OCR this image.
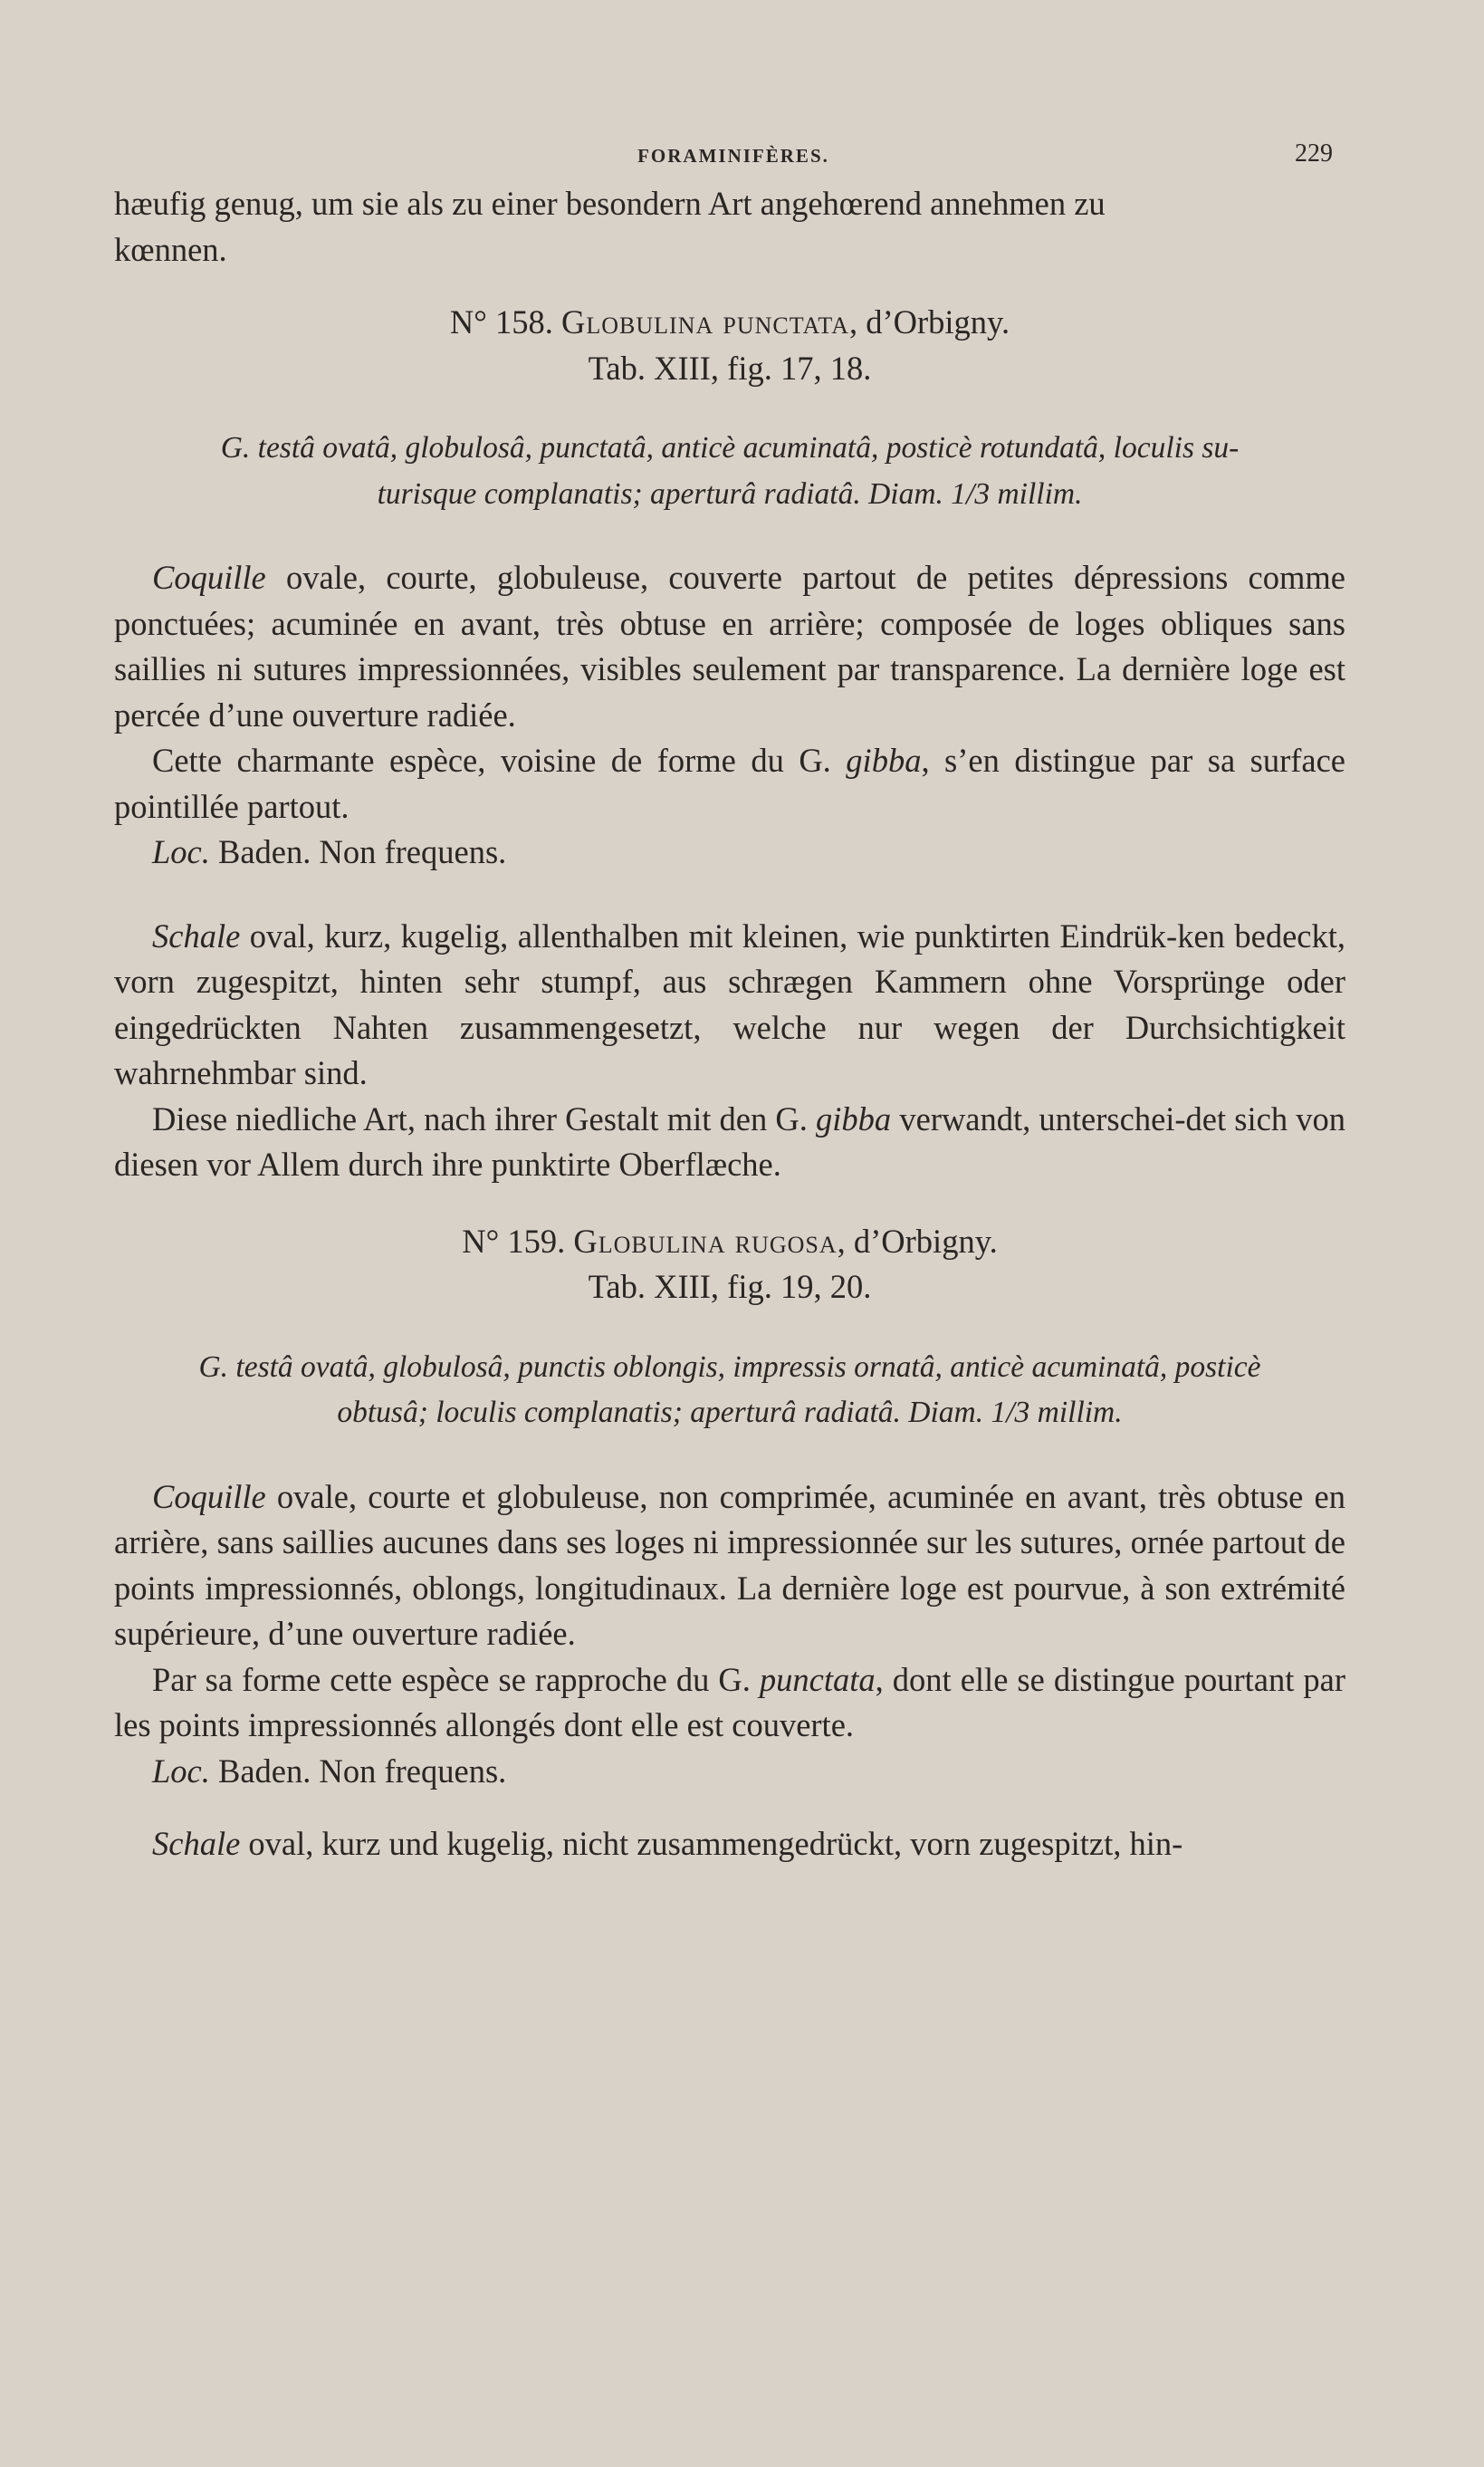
FORAMINIFÈRES.	229

hæufig genug, um sie als zu einer besondern Art angehœrend annehmen zu
kœnnen.

N° 158. Globulina punctata, d’Orbigny.

Tab. XIII, fig. 17, 18.

G. testâ ovatâ, globulosâ, punctatâ, anticè acuminatâ, posticè rotundatâ, loculis su-
turisque complanatis; aperturâ radiatâ. Diam. 1/3 millim.

Coquille ovale, courte, globuleuse, couverte partout de petites dépressions comme ponctuées; acuminée en avant, très obtuse en arrière; composée de loges obliques sans saillies ni sutures impressionnées, visibles seulement par transparence. La dernière loge est percée d’une ouverture radiée.

Cette charmante espèce, voisine de forme du G. gibba, s’en distingue par sa surface pointillée partout.

Loc. Baden. Non frequens.

Schale oval, kurz, kugelig, allenthalben mit kleinen, wie punktirten Eindrük-ken bedeckt, vorn zugespitzt, hinten sehr stumpf, aus schrægen Kammern ohne Vorsprünge oder eingedrückten Nahten zusammengesetzt, welche nur wegen der Durchsichtigkeit wahrnehmbar sind.

Diese niedliche Art, nach ihrer Gestalt mit den G. gibba verwandt, unterschei-det sich von diesen vor Allem durch ihre punktirte Oberflæche.

N° 159. Globulina rugosa, d’Orbigny.

Tab. XIII, fig. 19, 20.

G. testâ ovatâ, globulosâ, punctis oblongis, impressis ornatâ, anticè acuminatâ, posticè
obtusâ; loculis complanatis; aperturâ radiatâ. Diam. 1/3 millim.

Coquille ovale, courte et globuleuse, non comprimée, acuminée en avant, très obtuse en arrière, sans saillies aucunes dans ses loges ni impressionnée sur les sutures, ornée partout de points impressionnés, oblongs, longitudinaux. La dernière loge est pourvue, à son extrémité supérieure, d’une ouverture radiée.

Par sa forme cette espèce se rapproche du G. punctata, dont elle se distingue pourtant par les points impressionnés allongés dont elle est couverte.

Loc. Baden. Non frequens.

Schale oval, kurz und kugelig, nicht zusammengedrückt, vorn zugespitzt, hin-
